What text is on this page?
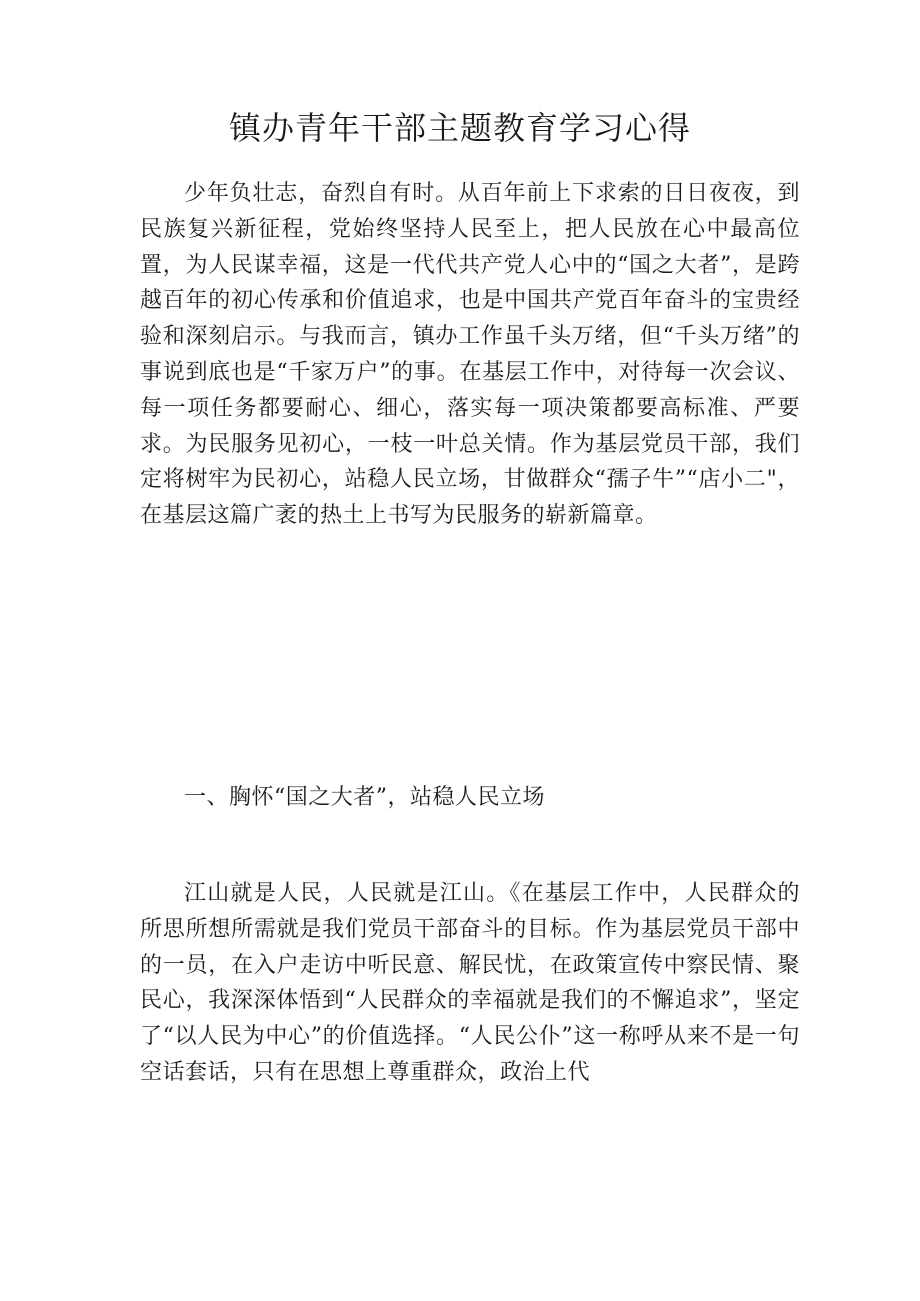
镇办青年干部主题教育学习心得

少年负壮志，奋烈自有时。从百年前上下求索的日日夜夜，到民族复兴新征程，党始终坚持人民至上，把人民放在心中最高位置，为人民谋幸福，这是一代代共产党人心中的“国之大者”，是跨越百年的初心传承和价值追求，也是中国共产党百年奋斗的宝贵经验和深刻启示。与我而言，镇办工作虽千头万绪，但“千头万绪”的事说到底也是“千家万户”的事。在基层工作中，对待每一次会议、每一项任务都要耐心、细心，落实每一项决策都要高标准、严要求。为民服务见初心，一枝一叶总关情。作为基层党员干部，我们定将树牢为民初心，站稳人民立场，甘做群众“孺子牛”“店小二"，在基层这篇广袤的热土上书写为民服务的崭新篇章。

一、胸怀“国之大者”，站稳人民立场

江山就是人民，人民就是江山。《在基层工作中，人民群众的所思所想所需就是我们党员干部奋斗的目标。作为基层党员干部中的一员，在入户走访中听民意、解民忧，在政策宣传中察民情、聚民心，我深深体悟到“人民群众的幸福就是我们的不懈追求”，坚定了“以人民为中心”的价值选择。“人民公仆”这一称呼从来不是一句空话套话，只有在思想上尊重群众，政治上代
